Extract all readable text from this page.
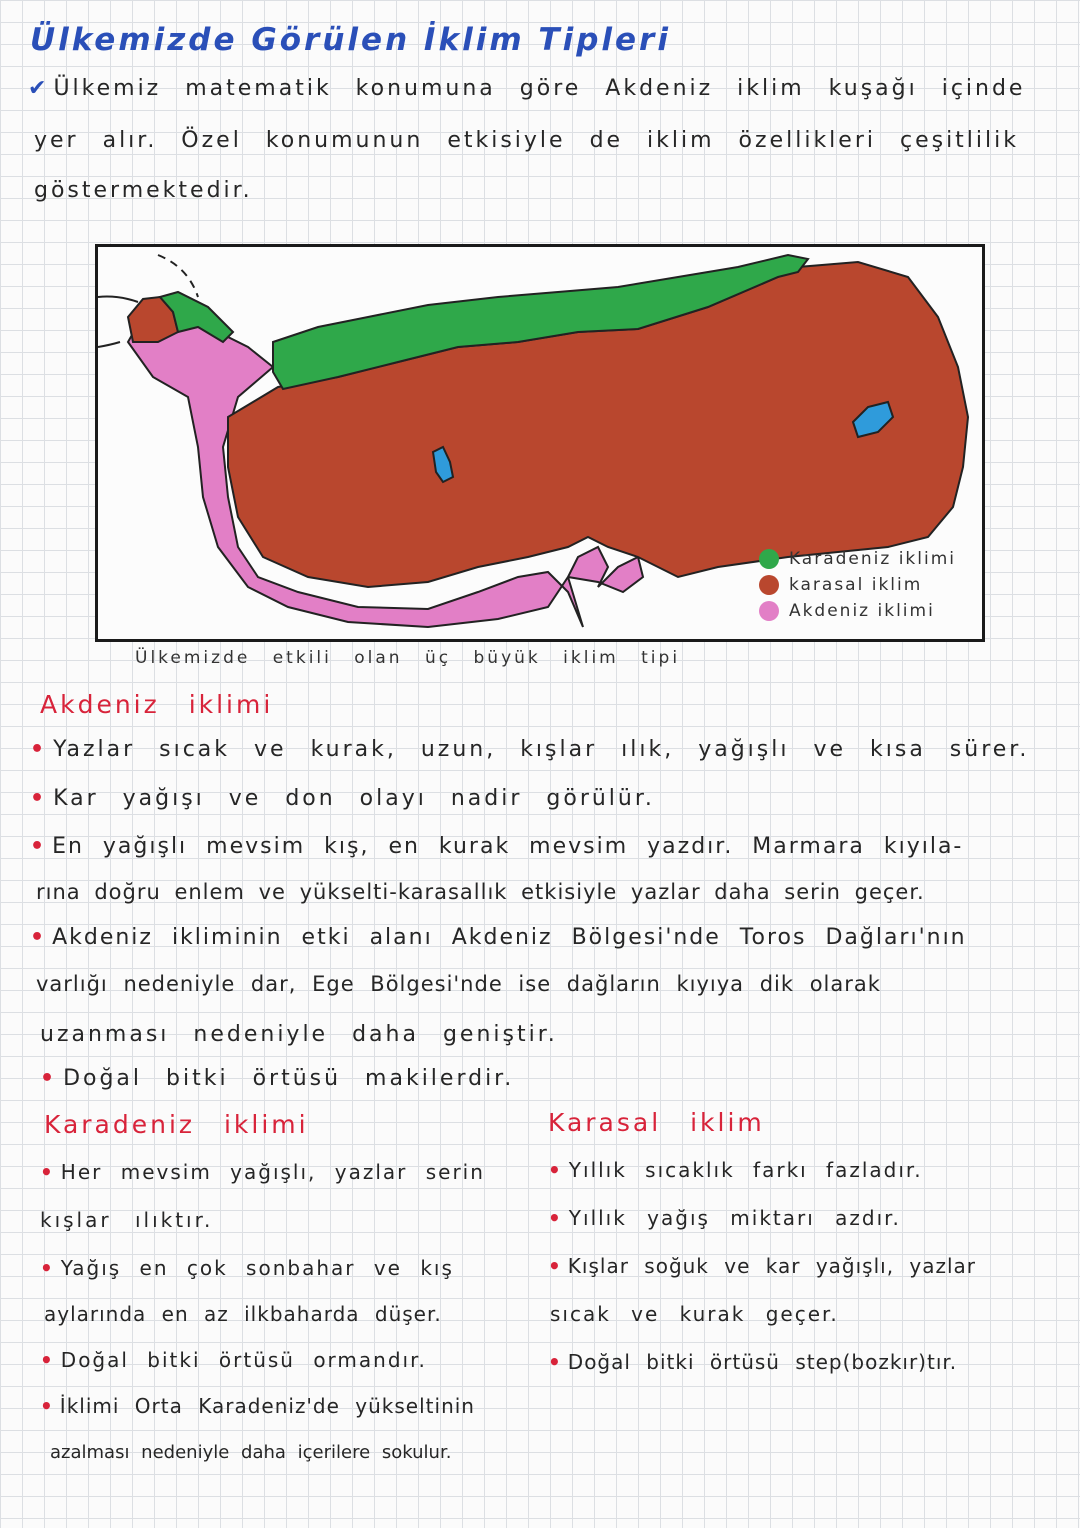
Ülkemizde Görülen İklim Tipleri
✔ Ülkemiz matematik konumuna göre Akdeniz iklim kuşağı içinde
yer alır. Özel konumunun etkisiyle de iklim özellikleri çeşitlilik
göstermektedir.
Karadeniz iklimi
karasal iklim
Akdeniz iklimi
Ülkemizde etkili olan üç büyük iklim tipi
Akdeniz iklimi
• Yazlar sıcak ve kurak, uzun, kışlar ılık, yağışlı ve kısa sürer.
• Kar yağışı ve don olayı nadir görülür.
• En yağışlı mevsim kış, en kurak mevsim yazdır. Marmara kıyıla-
rına doğru enlem ve yükselti-karasallık etkisiyle yazlar daha serin geçer.
• Akdeniz ikliminin etki alanı Akdeniz Bölgesi'nde Toros Dağları'nın
varlığı nedeniyle dar, Ege Bölgesi'nde ise dağların kıyıya dik olarak
uzanması nedeniyle daha geniştir.
• Doğal bitki örtüsü makilerdir.
Karadeniz iklimi
• Her mevsim yağışlı, yazlar serin
kışlar ılıktır.
• Yağış en çok sonbahar ve kış
aylarında en az ilkbaharda düşer.
• Doğal bitki örtüsü ormandır.
• İklimi Orta Karadeniz'de yükseltinin
azalması nedeniyle daha içerilere sokulur.
Karasal iklim
• Yıllık sıcaklık farkı fazladır.
• Yıllık yağış miktarı azdır.
• Kışlar soğuk ve kar yağışlı, yazlar
sıcak ve kurak geçer.
• Doğal bitki örtüsü step(bozkır)tır.
